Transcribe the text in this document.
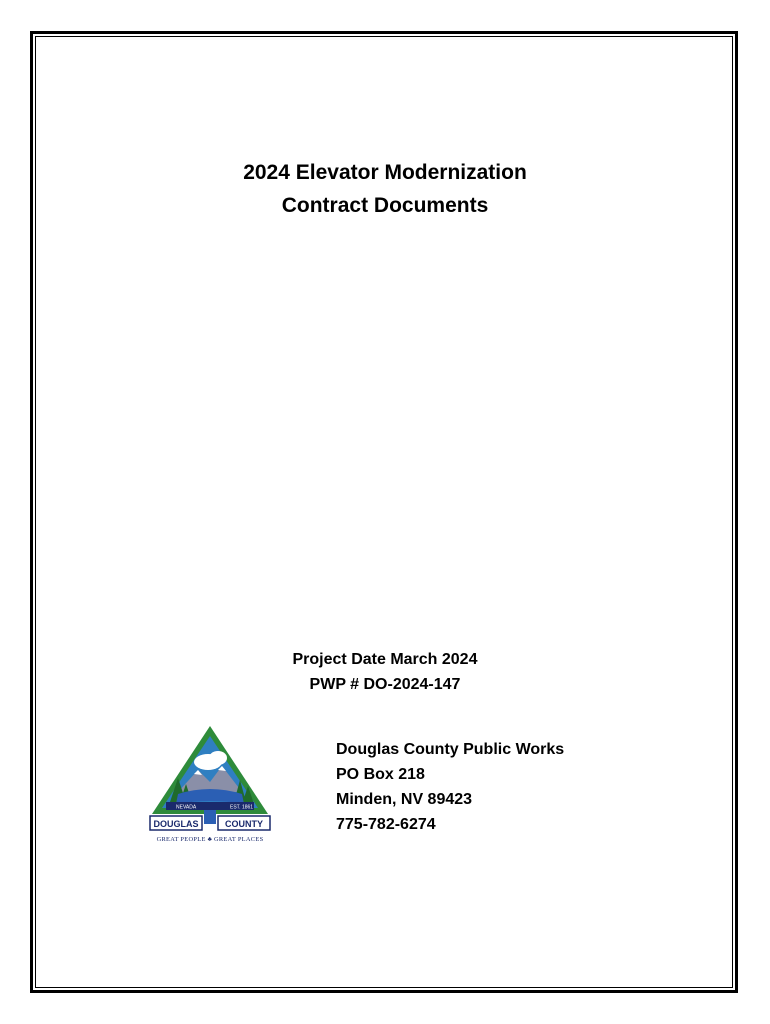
2024 Elevator Modernization
Contract Documents
Project Date March 2024
PWP # DO-2024-147
NEVADA	EST. 1861
DOUGLAS	COUNTY
GREAT PEOPLE ♣ GREAT PLACES
Douglas County Public Works
PO Box 218
Minden, NV 89423
775-782-6274
